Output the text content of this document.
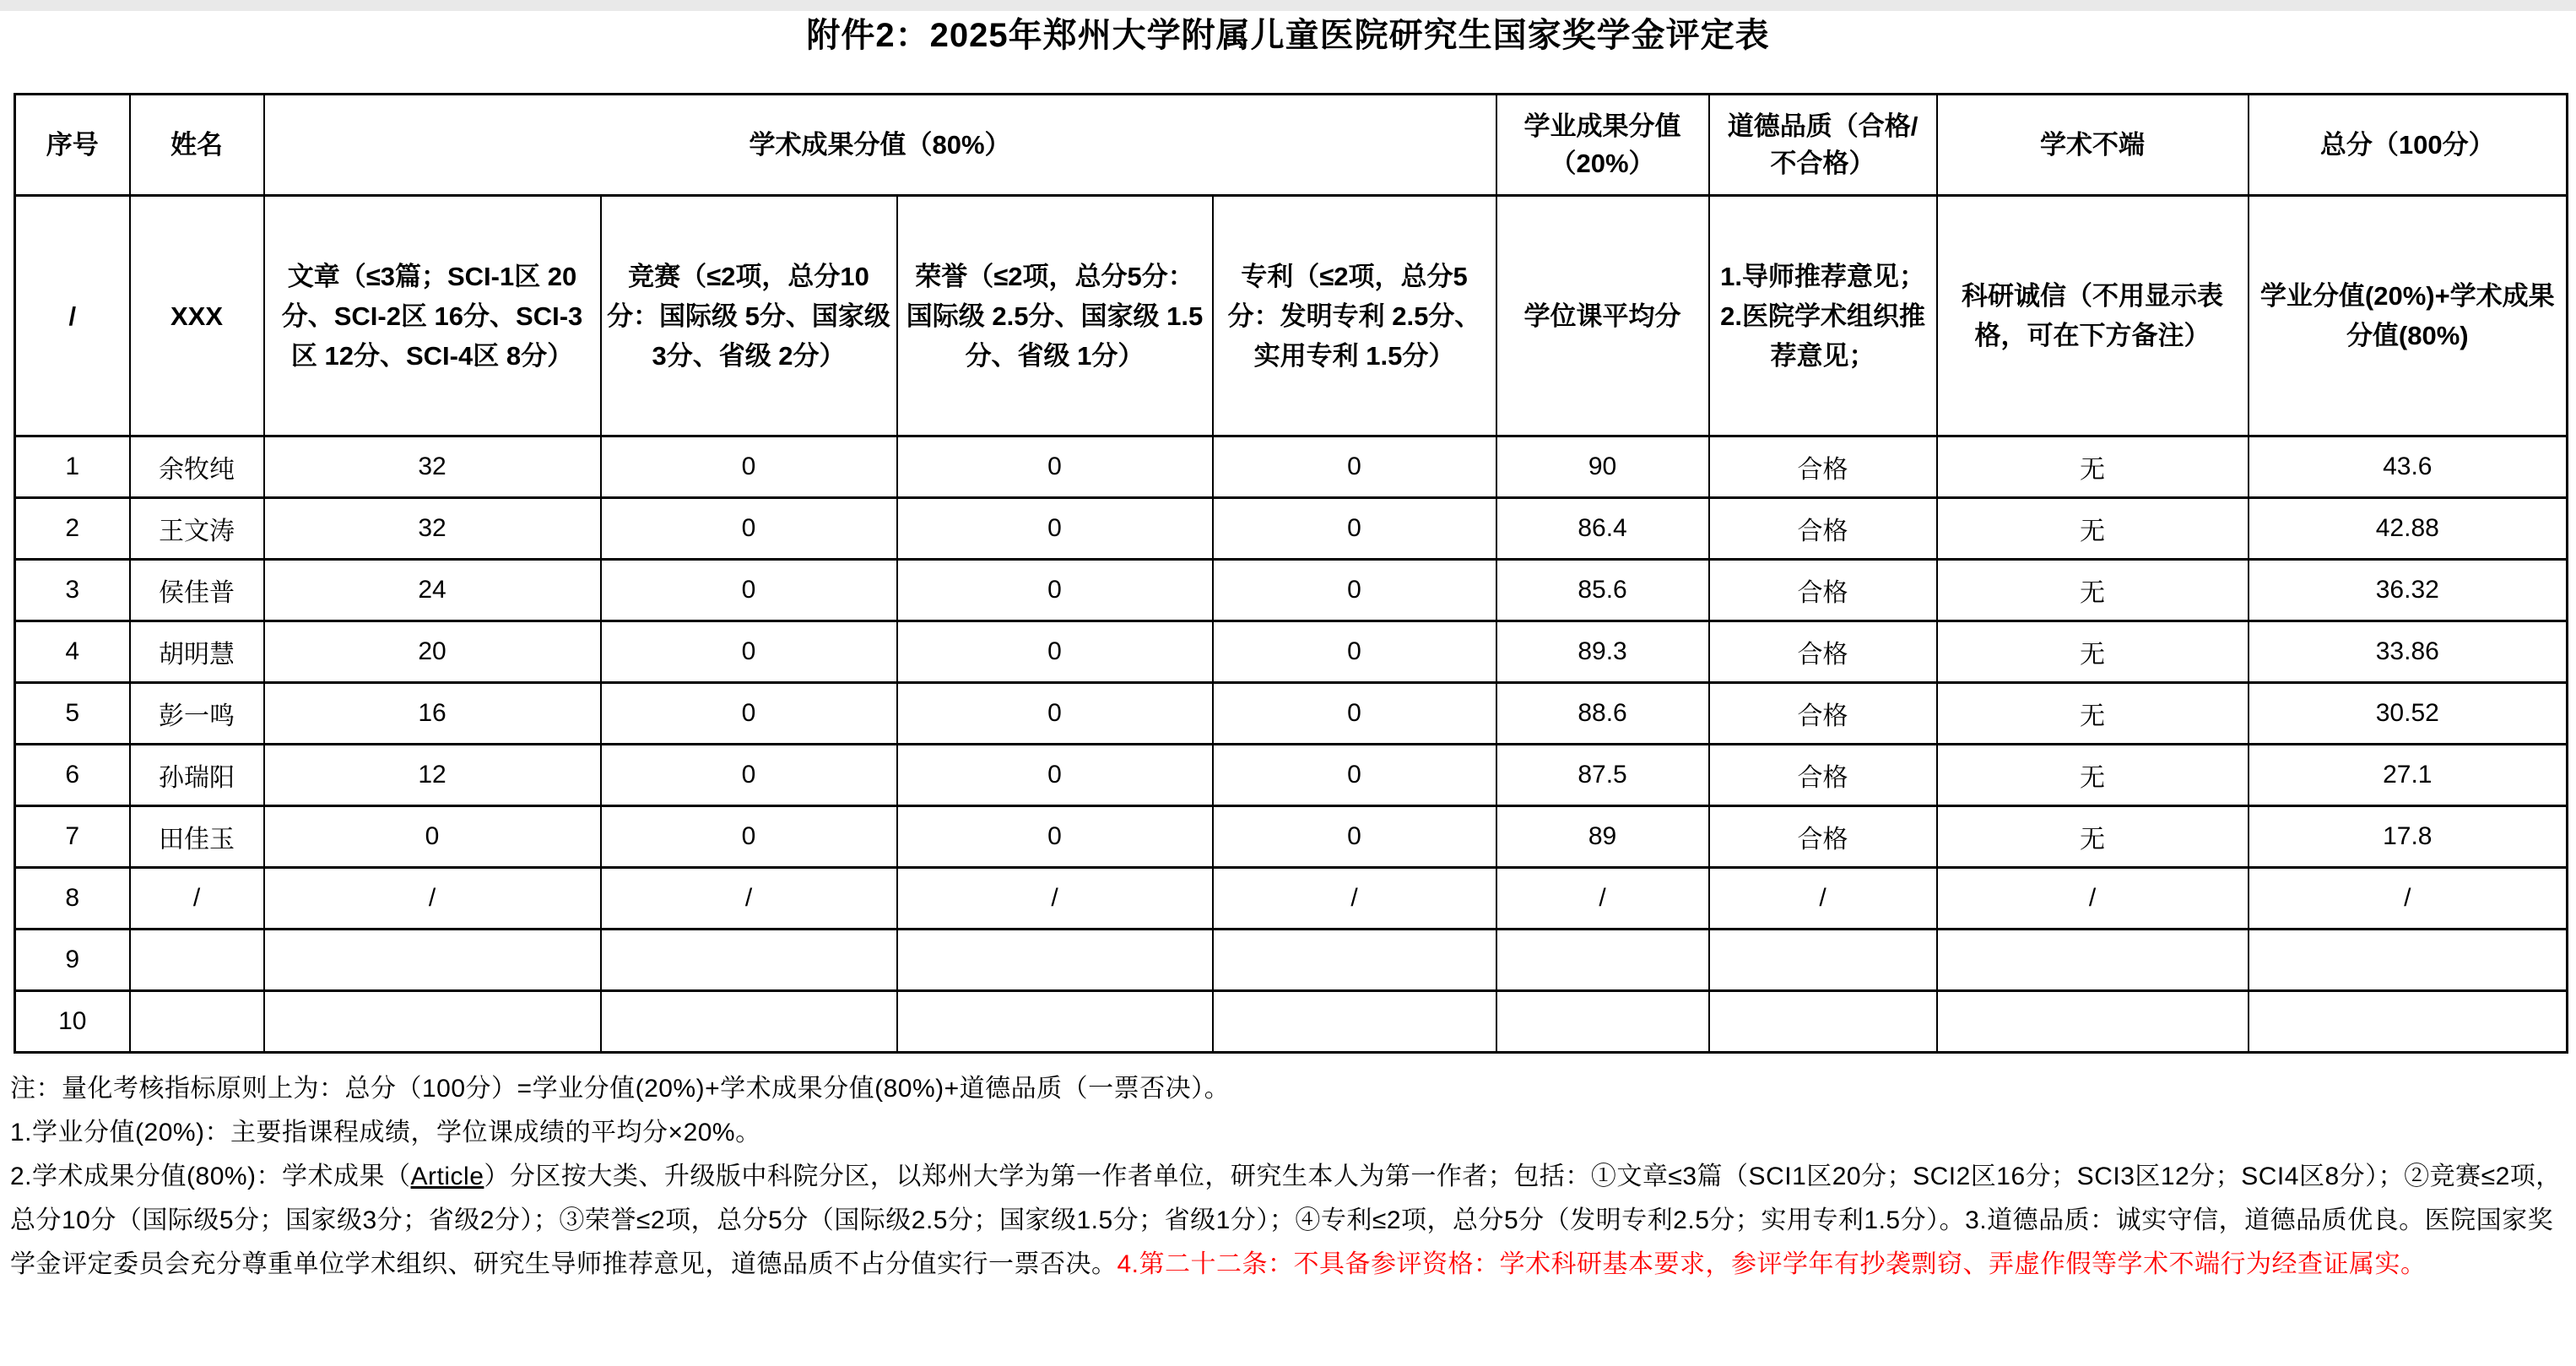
附件2：2025年郑州大学附属儿童医院研究生国家奖学金评定表
序号	姓名	学术成果分值（80%）				学业成果分值（20%）	道德品质（合格/不合格）	学术不端	总分（100分）
/	XXX	文章（≤3篇；SCI-1区 20分、SCI-2区 16分、SCI-3区 12分、SCI-4区 8分）	竞赛（≤2项，总分10分：国际级 5分、国家级 3分、省级 2分）	荣誉（≤2项，总分5分：国际级 2.5分、国家级 1.5分、省级 1分）	专利（≤2项，总分5分：发明专利 2.5分、实用专利 1.5分）	学位课平均分	1.导师推荐意见；2.医院学术组织推荐意见；	科研诚信（不用显示表格，可在下方备注）	学业分值(20%)+学术成果分值(80%)
1	余牧纯	32	0	0	0	90	合格	无	43.6
2	王文涛	32	0	0	0	86.4	合格	无	42.88
3	侯佳普	24	0	0	0	85.6	合格	无	36.32
4	胡明慧	20	0	0	0	89.3	合格	无	33.86
5	彭一鸣	16	0	0	0	88.6	合格	无	30.52
6	孙瑞阳	12	0	0	0	87.5	合格	无	27.1
7	田佳玉	0	0	0	0	89	合格	无	17.8
8	/	/	/	/	/	/	/	/	/
9									
10									

注：量化考核指标原则上为：总分（100分）=学业分值(20%)+学术成果分值(80%)+道德品质（一票否决）。

1.学业分值(20%)：主要指课程成绩，学位课成绩的平均分×20%。

2.学术成果分值(80%)：学术成果（Article）分区按大类、升级版中科院分区，以郑州大学为第一作者单位，研究生本人为第一作者；包括：①文章≤3篇（SCI1区20分；SCI2区16分；SCI3区12分；SCI4区8分）；②竞赛≤2项，总分10分（国际级5分；国家级3分；省级2分）；③荣誉≤2项，总分5分（国际级2.5分；国家级1.5分；省级1分）；④专利≤2项，总分5分（发明专利2.5分；实用专利1.5分）。3.道德品质：诚实守信，道德品质优良。医院国家奖学金评定委员会充分尊重单位学术组织、研究生导师推荐意见，道德品质不占分值实行一票否决。4.第二十二条：不具备参评资格：学术科研基本要求，参评学年有抄袭剽窃、弄虚作假等学术不端行为经查证属实。
